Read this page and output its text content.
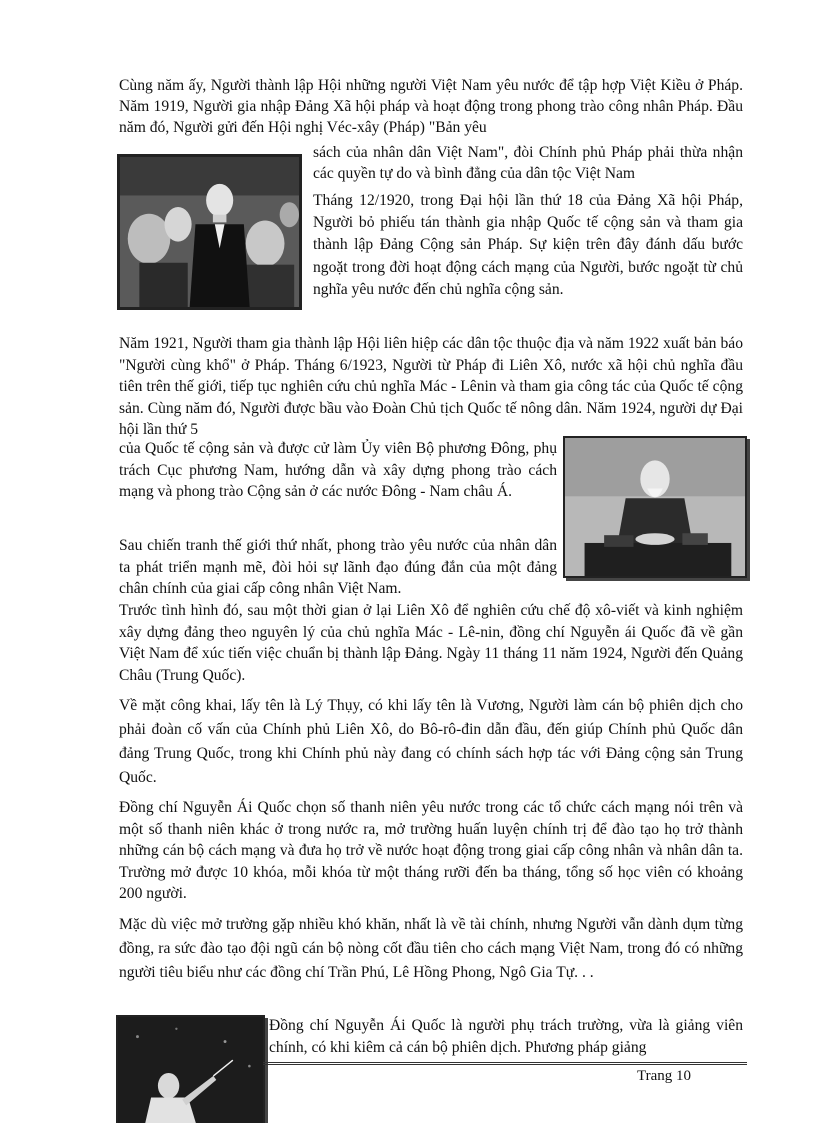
Cùng năm ấy, Người thành lập Hội những người Việt Nam yêu nước để tập hợp Việt Kiều ở Pháp. Năm 1919, Người gia nhập Đảng Xã hội pháp và hoạt động trong phong trào công nhân Pháp. Đầu năm đó, Người gửi đến Hội nghị Véc-xây (Pháp) "Bản yêu

sách của nhân dân Việt Nam", đòi Chính phủ Pháp phải thừa nhận các quyền tự do và bình đẳng của dân tộc Việt Nam

Tháng 12/1920, trong Đại hội lần thứ 18 của Đảng Xã hội Pháp, Người bỏ phiếu tán thành gia nhập Quốc tế cộng sản và tham gia thành lập Đảng Cộng sản Pháp. Sự kiện trên đây đánh dấu bước ngoặt trong đời hoạt động cách mạng của Người, bước ngoặt từ chủ nghĩa yêu nước đến chủ nghĩa cộng sản.

Năm 1921, Người tham gia thành lập Hội liên hiệp các dân tộc thuộc địa và năm 1922 xuất bản báo "Người cùng khổ" ở Pháp. Tháng 6/1923, Người từ Pháp đi Liên Xô, nước xã hội chủ nghĩa đầu tiên trên thế giới, tiếp tục nghiên cứu chủ nghĩa Mác - Lênin và tham gia công tác của Quốc tế cộng sản. Cùng năm đó, Người được bầu vào Đoàn Chủ tịch Quốc tế nông dân. Năm 1924, người dự Đại hội lần thứ 5

của Quốc tế cộng sản và được cử làm Ủy viên Bộ phương Đông, phụ trách Cục phương Nam, hướng dẫn và xây dựng phong trào cách mạng và phong trào Cộng sản ở các nước Đông - Nam châu Á.

Sau chiến tranh thế giới thứ nhất, phong trào yêu nước của nhân dân ta phát triển mạnh mẽ, đòi hỏi sự lãnh đạo đúng đắn của một đảng chân chính của giai cấp công nhân Việt Nam.

Trước tình hình đó, sau một thời gian ở lại Liên Xô để nghiên cứu chế độ xô-viết và kinh nghiệm xây dựng đảng theo nguyên lý của chủ nghĩa Mác - Lê-nin, đồng chí Nguyễn ái Quốc đã về gần Việt Nam để xúc tiến việc chuẩn bị thành lập Đảng. Ngày 11 tháng 11 năm 1924, Người đến Quảng Châu (Trung Quốc).

Về mặt công khai, lấy tên là Lý Thụy, có khi lấy tên là Vương, Người làm cán bộ phiên dịch cho phải đoàn cố vấn của Chính phủ Liên Xô, do Bô-rô-đin dẫn đầu, đến giúp Chính phủ Quốc dân đảng Trung Quốc, trong khi Chính phủ này đang có chính sách hợp tác với Đảng cộng sản Trung Quốc.

Đồng chí Nguyễn Ái Quốc chọn số thanh niên yêu nước trong các tổ chức cách mạng nói trên và một số thanh niên khác ở trong nước ra, mở trường huấn luyện chính trị để đào tạo họ trở thành những cán bộ cách mạng và đưa họ trở về nước hoạt động trong giai cấp công nhân và nhân dân ta. Trường mở được 10 khóa, mỗi khóa từ một tháng rưỡi đến ba tháng, tổng số học viên có khoảng 200 người.

Mặc dù việc mở trường gặp nhiều khó khăn, nhất là về tài chính, nhưng Người vẫn dành dụm từng đồng, ra sức đào tạo đội ngũ cán bộ nòng cốt đầu tiên cho cách mạng Việt Nam, trong đó có những người tiêu biểu như các đồng chí Trần Phú, Lê Hồng Phong, Ngô Gia Tự. . .

Đồng chí Nguyễn Ái Quốc là người phụ trách trường, vừa là giảng viên chính, có khi kiêm cả cán bộ phiên dịch. Phương pháp giảng

Trang 10
